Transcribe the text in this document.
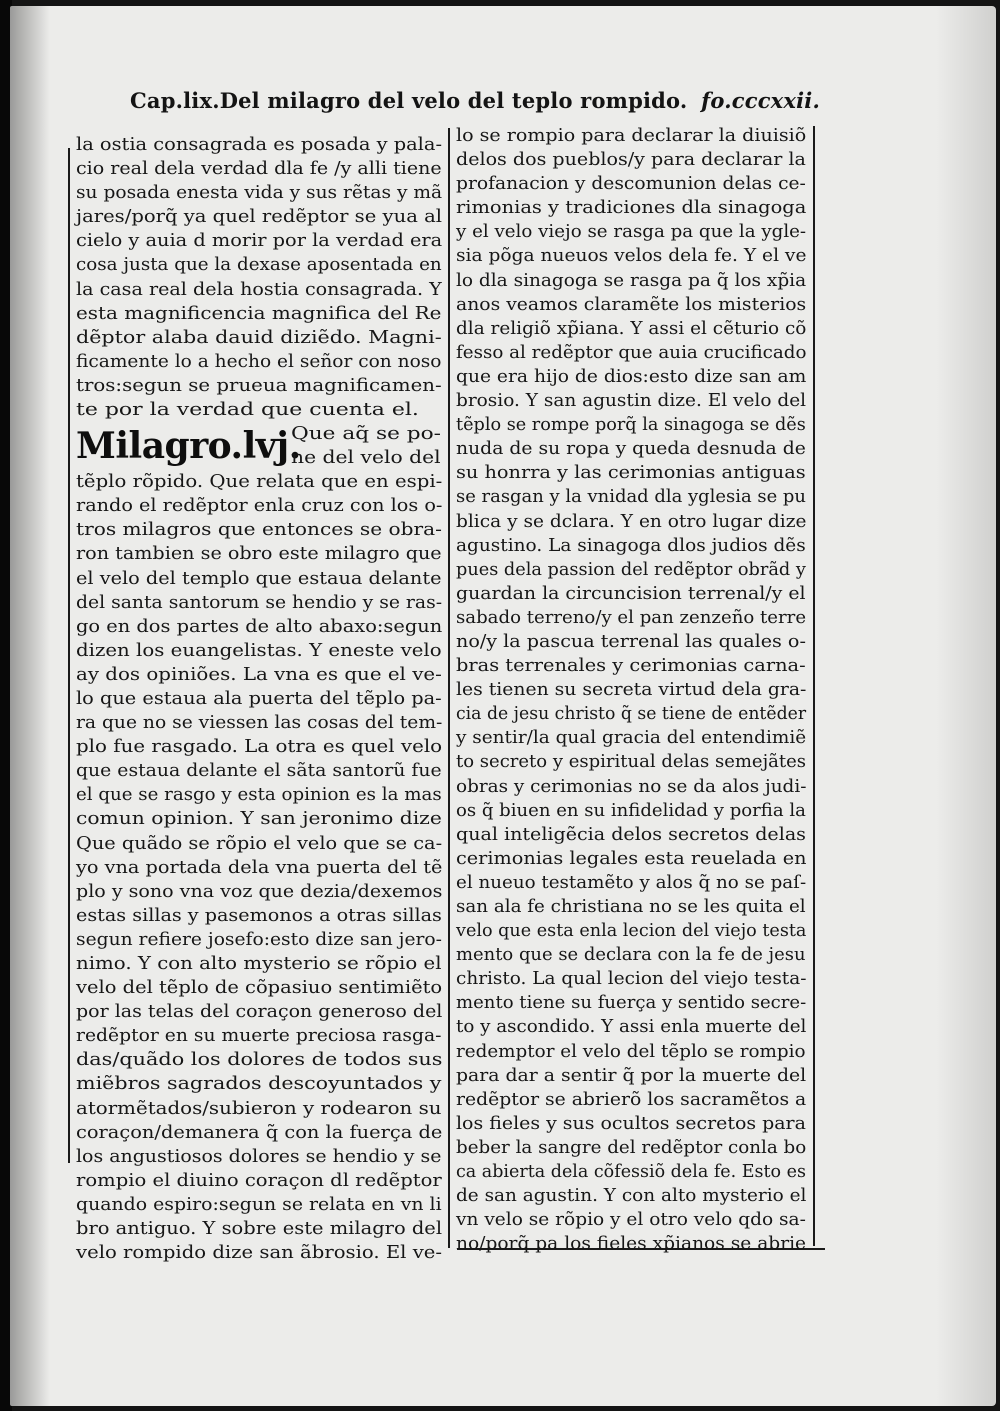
Cap.lix.Del milagro del velo del teplo rompido. fo.cccxxii.
la ostia consagrada es posada y pala-
cio real dela verdad dla fe /y alli tiene
su posada enesta vida y sus rẽtas y mã
jares/porq̃ ya quel redẽptor se yua al
cielo y auia d morir por la verdad era
cosa justa que la dexase aposentada en
la casa real dela hostia consagrada. Y
esta magnificencia magnifica del Re
dẽptor alaba dauid diziẽdo. Magni-
ficamente lo a hecho el señor con noso
tros:segun se prueua magnificamen-
te por la verdad que cuenta el.
Milagro.lvj.
Que aq̃ se po-
ne del velo del
tẽplo rõpido. Que relata que en espi-
rando el redẽptor enla cruz con los o-
tros milagros que entonces se obra-
ron tambien se obro este milagro que
el velo del templo que estaua delante
del santa santorum se hendio y se ras-
go en dos partes de alto abaxo:segun
dizen los euangelistas. Y eneste velo
ay dos opiniões. La vna es que el ve-
lo que estaua ala puerta del tẽplo pa-
ra que no se viessen las cosas del tem-
plo fue rasgado. La otra es quel velo
que estaua delante el sãta santorũ fue
el que se rasgo y esta opinion es la mas
comun opinion. Y san jeronimo dize
Que quãdo se rõpio el velo que se ca-
yo vna portada dela vna puerta del tẽ
plo y sono vna voz que dezia/dexemos
estas sillas y pasemonos a otras sillas
segun refiere josefo:esto dize san jero-
nimo. Y con alto mysterio se rõpio el
velo del tẽplo de cõpasiuo sentimiẽto
por las telas del coraçon generoso del
redẽptor en su muerte preciosa rasga-
das/quãdo los dolores de todos sus
miẽbros sagrados descoyuntados y
atormẽtados/subieron y rodearon su
coraçon/demanera q̃ con la fuerça de
los angustiosos dolores se hendio y se
rompio el diuino coraçon dl redẽptor
quando espiro:segun se relata en vn li
bro antiguo. Y sobre este milagro del
velo rompido dize san ãbrosio. El ve-
lo se rompio para declarar la diuisiõ
delos dos pueblos/y para declarar la
profanacion y descomunion delas ce-
rimonias y tradiciones dla sinagoga
y el velo viejo se rasga pa que la ygle-
sia põga nueuos velos dela fe. Y el ve
lo dla sinagoga se rasga pa q̃ los xp̃ia
anos veamos claramẽte los misterios
dla religiõ xp̃iana. Y assi el cẽturio cõ
fesso al redẽptor que auia crucificado
que era hijo de dios:esto dize san am
brosio. Y san agustin dize. El velo del
tẽplo se rompe porq̃ la sinagoga se dẽs
nuda de su ropa y queda desnuda de
su honrra y las cerimonias antiguas
se rasgan y la vnidad dla yglesia se pu
blica y se dclara. Y en otro lugar dize
agustino. La sinagoga dlos judios dẽs
pues dela passion del redẽptor obrãd y
guardan la circuncision terrenal/y el
sabado terreno/y el pan zenzeño terre
no/y la pascua terrenal las quales o-
bras terrenales y cerimonias carna-
les tienen su secreta virtud dela gra-
cia de jesu christo q̃ se tiene de entẽder
y sentir/la qual gracia del entendimiẽ
to secreto y espiritual delas semejãtes
obras y cerimonias no se da alos judi-
os q̃ biuen en su infidelidad y porfia la
qual inteligẽcia delos secretos delas
cerimonias legales esta reuelada en
el nueuo testamẽto y alos q̃ no se paſ-
san ala fe christiana no se les quita el
velo que esta enla lecion del viejo testa
mento que se declara con la fe de jesu
christo. La qual lecion del viejo testa-
mento tiene su fuerça y sentido secre-
to y ascondido. Y assi enla muerte del
redemptor el velo del tẽplo se rompio
para dar a sentir q̃ por la muerte del
redẽptor se abrierõ los sacramẽtos a
los fieles y sus ocultos secretos para
beber la sangre del redẽptor conla bo
ca abierta dela cõfessiõ dela fe. Esto es
de san agustin. Y con alto mysterio el
vn velo se rõpio y el otro velo qdo sa-
no/porq̃ pa los fieles xp̃ianos se abrie
